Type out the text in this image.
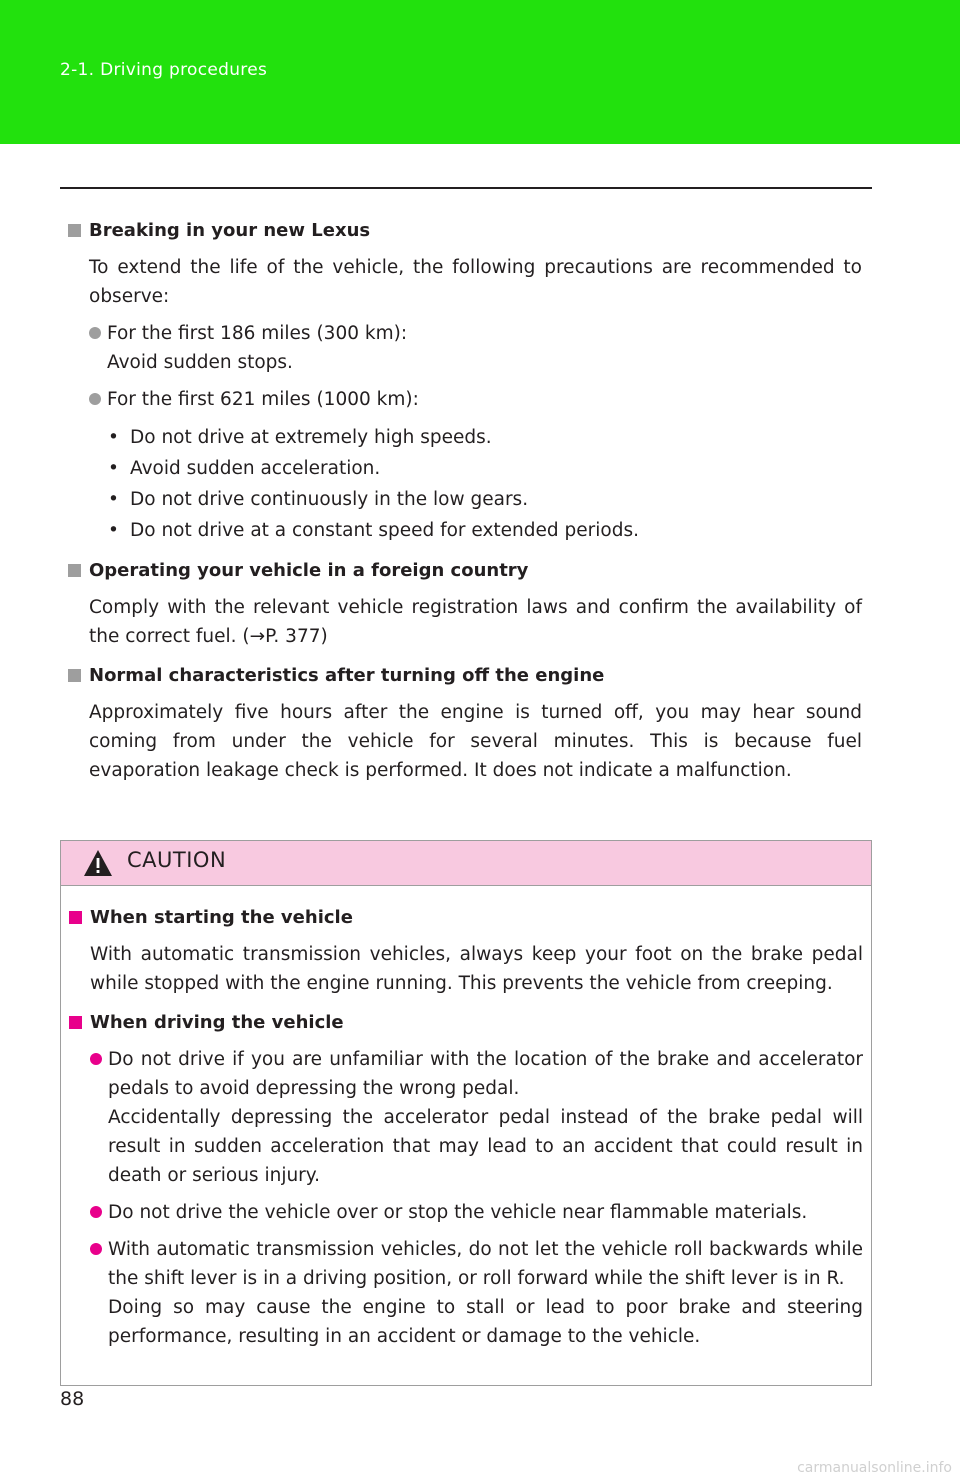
2-1. Driving procedures
Breaking in your new Lexus
To extend the life of the vehicle, the following precautions are recommended to observe:
For the first 186 miles (300 km):
Avoid sudden stops.
For the first 621 miles (1000 km):
• Do not drive at extremely high speeds.
• Avoid sudden acceleration.
• Do not drive continuously in the low gears.
• Do not drive at a constant speed for extended periods.
Operating your vehicle in a foreign country
Comply with the relevant vehicle registration laws and confirm the availability of the correct fuel. (→P. 377)
Normal characteristics after turning off the engine
Approximately five hours after the engine is turned off, you may hear sound coming from under the vehicle for several minutes. This is because fuel evaporation leakage check is performed. It does not indicate a malfunction.
CAUTION
When starting the vehicle
With automatic transmission vehicles, always keep your foot on the brake pedal while stopped with the engine running. This prevents the vehicle from creeping.
When driving the vehicle
Do not drive if you are unfamiliar with the location of the brake and accelerator pedals to avoid depressing the wrong pedal.
Accidentally depressing the accelerator pedal instead of the brake pedal will result in sudden acceleration that may lead to an accident that could result in death or serious injury.
Do not drive the vehicle over or stop the vehicle near flammable materials.
With automatic transmission vehicles, do not let the vehicle roll backwards while the shift lever is in a driving position, or roll forward while the shift lever is in R.
Doing so may cause the engine to stall or lead to poor brake and steering performance, resulting in an accident or damage to the vehicle.
88
carmanualsonline.info
